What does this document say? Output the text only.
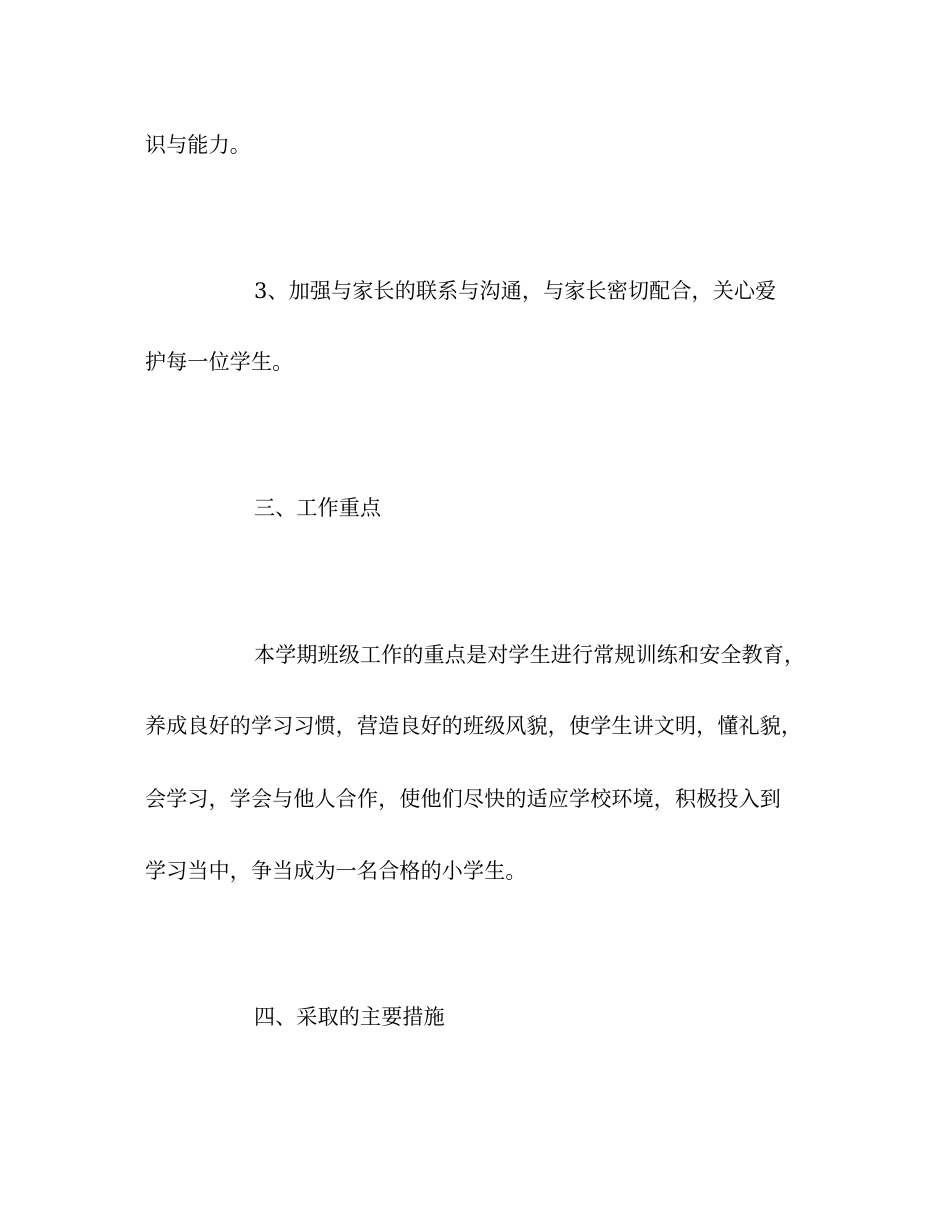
识与能力。
3、加强与家长的联系与沟通，与家长密切配合，关心爱
护每一位学生。
三、工作重点
本学期班级工作的重点是对学生进行常规训练和安全教育，
养成良好的学习习惯，营造良好的班级风貌，使学生讲文明，懂礼貌，
会学习，学会与他人合作，使他们尽快的适应学校环境，积极投入到
学习当中，争当成为一名合格的小学生。
四、采取的主要措施
